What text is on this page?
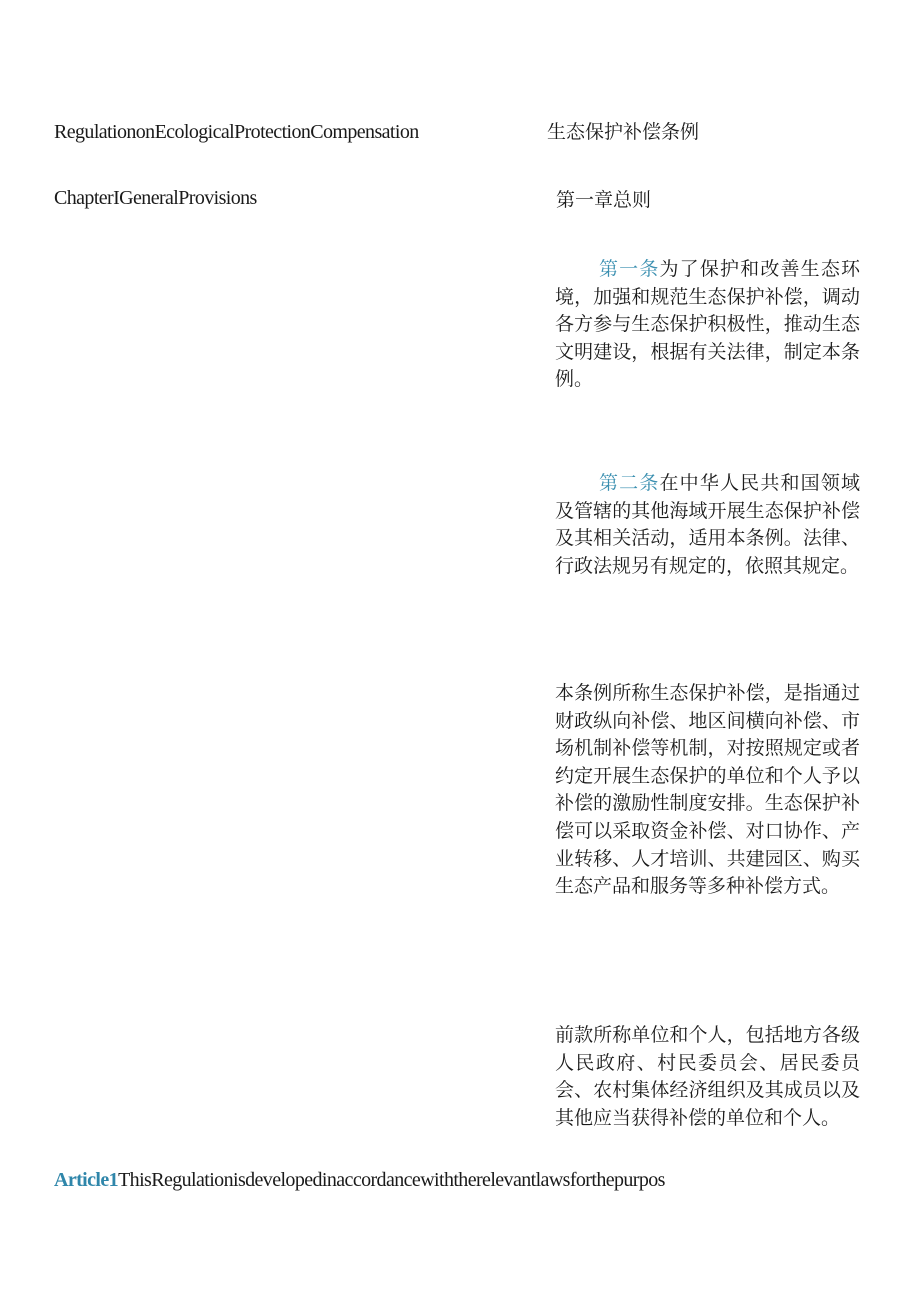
RegulationonEcologicalProtectionCompensation	生态保护补偿条例
ChapterIGeneralProvisions	第一章总则
第一条为了保护和改善生态环境，加强和规范生态保护补偿，调动各方参与生态保护积极性，推动生态文明建设，根据有关法律，制定本条例。
第二条在中华人民共和国领域及管辖的其他海域开展生态保护补偿及其相关活动，适用本条例。法律、行政法规另有规定的，依照其规定。
本条例所称生态保护补偿，是指通过财政纵向补偿、地区间横向补偿、市场机制补偿等机制，对按照规定或者约定开展生态保护的单位和个人予以补偿的激励性制度安排。生态保护补偿可以采取资金补偿、对口协作、产业转移、人才培训、共建园区、购买生态产品和服务等多种补偿方式。
前款所称单位和个人，包括地方各级人民政府、村民委员会、居民委员会、农村集体经济组织及其成员以及其他应当获得补偿的单位和个人。
Article1ThisRegulationisdevelopedinaccordancewiththerelevantlawsforthepurpos
